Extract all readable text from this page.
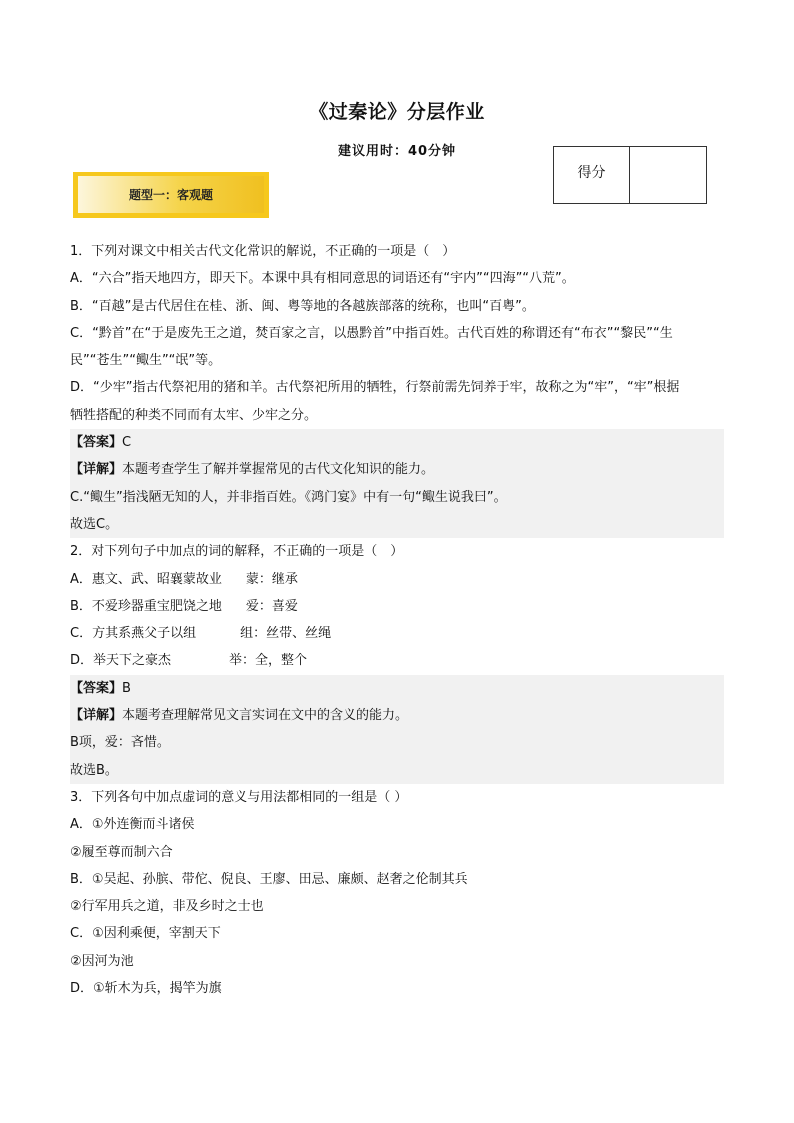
《过秦论》分层作业
建议用时：40分钟
得分
题型一：客观题
1．下列对课文中相关古代文化常识的解说，不正确的一项是（　）
A．“六合”指天地四方，即天下。本课中具有相同意思的词语还有“宇内”“四海”“八荒”。
B．“百越”是古代居住在桂、浙、闽、粤等地的各越族部落的统称，也叫“百粤”。
C．“黔首”在“于是废先王之道，焚百家之言，以愚黔首”中指百姓。古代百姓的称谓还有“布衣”“黎民”“生
民”“苍生”“鲰生”“氓”等。
D．“少牢”指古代祭祀用的猪和羊。古代祭祀所用的牺牲，行祭前需先饲养于牢，故称之为“牢”，“牢”根据
牺牲搭配的种类不同而有太牢、少牢之分。
【答案】C
【详解】本题考查学生了解并掌握常见的古代文化知识的能力。
C.“鲰生”指浅陋无知的人，并非指百姓。《鸿门宴》中有一句“鲰生说我曰”。
故选C。
2．对下列句子中加点的词的解释，不正确的一项是（　）
A．惠文、武、昭襄蒙故业 蒙：继承
B．不爱珍器重宝肥饶之地 爱：喜爱
C．方其系燕父子以组	组：丝带、丝绳
D．举天下之豪杰	举：全，整个
【答案】B
【详解】本题考查理解常见文言实词在文中的含义的能力。
B项，爱：吝惜。
故选B。
3．下列各句中加点虚词的意义与用法都相同的一组是（ ）
A．①外连衡而斗诸侯
②履至尊而制六合
B．①吴起、孙膑、带佗、倪良、王廖、田忌、廉颇、赵奢之伦制其兵
②行军用兵之道，非及乡时之士也
C．①因利乘便，宰割天下
②因河为池
D．①斩木为兵，揭竿为旗
